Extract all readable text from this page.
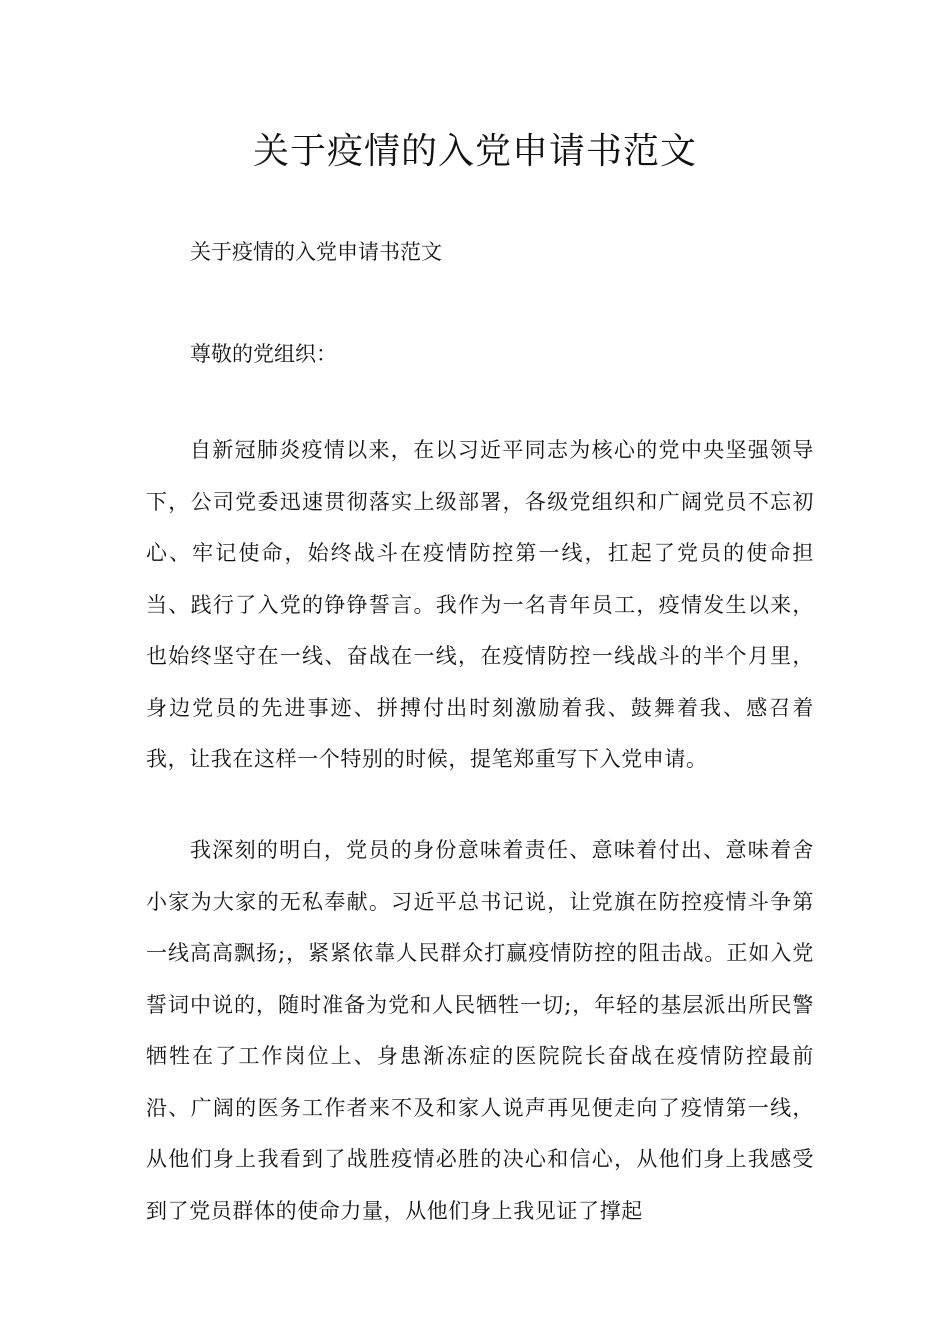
关于疫情的入党申请书范文

关于疫情的入党申请书范文

尊敬的党组织：

自新冠肺炎疫情以来，在以习近平同志为核心的党中央坚强领导下，公司党委迅速贯彻落实上级部署，各级党组织和广阔党员不忘初心、牢记使命，始终战斗在疫情防控第一线，扛起了党员的使命担当、践行了入党的铮铮誓言。我作为一名青年员工，疫情发生以来，也始终坚守在一线、奋战在一线，在疫情防控一线战斗的半个月里，身边党员的先进事迹、拼搏付出时刻激励着我、鼓舞着我、感召着我，让我在这样一个特别的时候，提笔郑重写下入党申请。

我深刻的明白，党员的身份意味着责任、意味着付出、意味着舍小家为大家的无私奉献。习近平总书记说，让党旗在防控疫情斗争第一线高高飘扬;，紧紧依靠人民群众打赢疫情防控的阻击战。正如入党誓词中说的，随时准备为党和人民牺牲一切;，年轻的基层派出所民警牺牲在了工作岗位上、身患渐冻症的医院院长奋战在疫情防控最前沿、广阔的医务工作者来不及和家人说声再见便走向了疫情第一线，从他们身上我看到了战胜疫情必胜的决心和信心，从他们身上我感受到了党员群体的使命力量，从他们身上我见证了撑起
